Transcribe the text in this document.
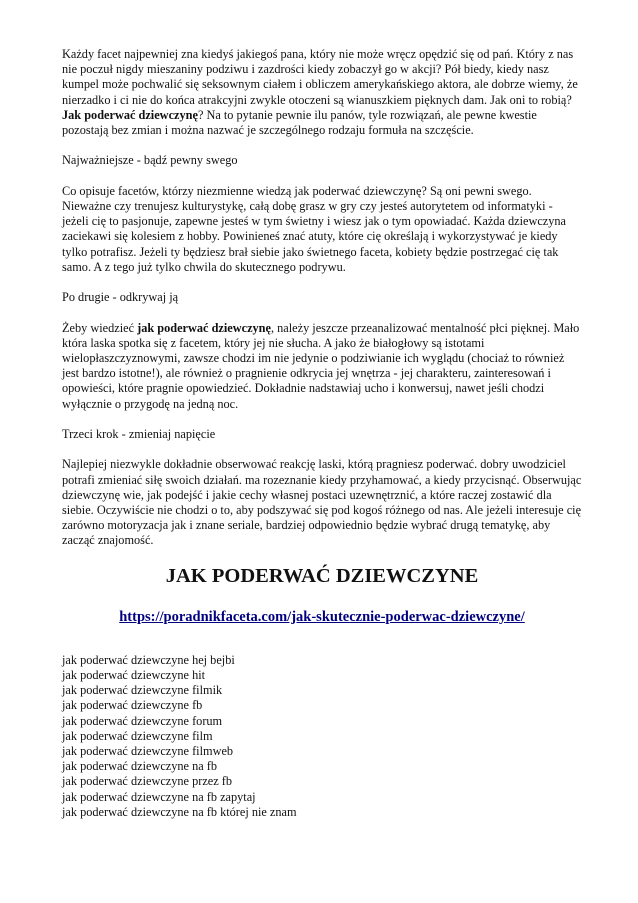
Każdy facet najpewniej zna kiedyś jakiegoś pana, który nie może wręcz opędzić się od pań. Który z nas nie poczuł nigdy mieszaniny podziwu i zazdrości kiedy zobaczył go w akcji? Pół biedy, kiedy nasz kumpel może pochwalić się seksownym ciałem i obliczem amerykańskiego aktora, ale dobrze wiemy, że nierzadko i ci nie do końca atrakcyjni zwykle otoczeni są wianuszkiem pięknych dam. Jak oni to robią?
Jak poderwać dziewczynę? Na to pytanie pewnie ilu panów, tyle rozwiązań, ale pewne kwestie pozostają bez zmian i można nazwać je szczególnego rodzaju formuła na szczęście.
Najważniejsze - bądź pewny swego
Co opisuje facetów, którzy niezmienne wiedzą jak poderwać dziewczynę? Są oni pewni swego. Nieważne czy trenujesz kulturystykę, całą dobę grasz w gry czy jesteś autorytetem od informatyki - jeżeli cię to pasjonuje, zapewne jesteś w tym świetny i wiesz jak o tym opowiadać. Każda dziewczyna zaciekawi się kolesiem z hobby. Powinieneś znać atuty, które cię określają i wykorzystywać je kiedy tylko potrafisz. Jeżeli ty będziesz brał siebie jako świetnego faceta, kobiety będzie postrzegać cię tak samo. A z tego już tylko chwila do skutecznego podrywu.
Po drugie - odkrywaj ją
Żeby wiedzieć jak poderwać dziewczynę, należy jeszcze przeanalizować mentalność płci pięknej. Mało która laska spotka się z facetem, który jej nie słucha. A jako że białogłowy są istotami wielopłaszczyznowymi, zawsze chodzi im nie jedynie o podziwianie ich wyglądu (chociaż to również jest bardzo istotne!), ale również o pragnienie odkrycia jej wnętrza - jej charakteru, zainteresowań i opowieści, które pragnie opowiedzieć. Dokładnie nadstawiaj ucho i konwersuj, nawet jeśli chodzi wyłącznie o przygodę na jedną noc.
Trzeci krok - zmieniaj napięcie
Najlepiej niezwykle dokładnie obserwować reakcję laski, którą pragniesz poderwać. dobry uwodziciel potrafi zmieniać siłę swoich działań. ma rozeznanie kiedy przyhamować, a kiedy przycisnąć. Obserwując dziewczynę wie, jak podejść i jakie cechy własnej postaci uzewnętrznić, a które raczej zostawić dla siebie. Oczywiście nie chodzi o to, aby podszywać się pod kogoś różnego od nas. Ale jeżeli interesuje cię zarówno motoryzacja jak i znane seriale, bardziej odpowiednio będzie wybrać drugą tematykę, aby zacząć znajomość.
JAK PODERWAĆ DZIEWCZYNE
https://poradnikfaceta.com/jak-skutecznie-poderwac-dziewczyne/
jak poderwać dziewczyne hej bejbi
jak poderwać dziewczyne hit
jak poderwać dziewczyne filmik
jak poderwać dziewczyne fb
jak poderwać dziewczyne forum
jak poderwać dziewczyne film
jak poderwać dziewczyne filmweb
jak poderwać dziewczyne na fb
jak poderwać dziewczyne przez fb
jak poderwać dziewczyne na fb zapytaj
jak poderwać dziewczyne na fb której nie znam
